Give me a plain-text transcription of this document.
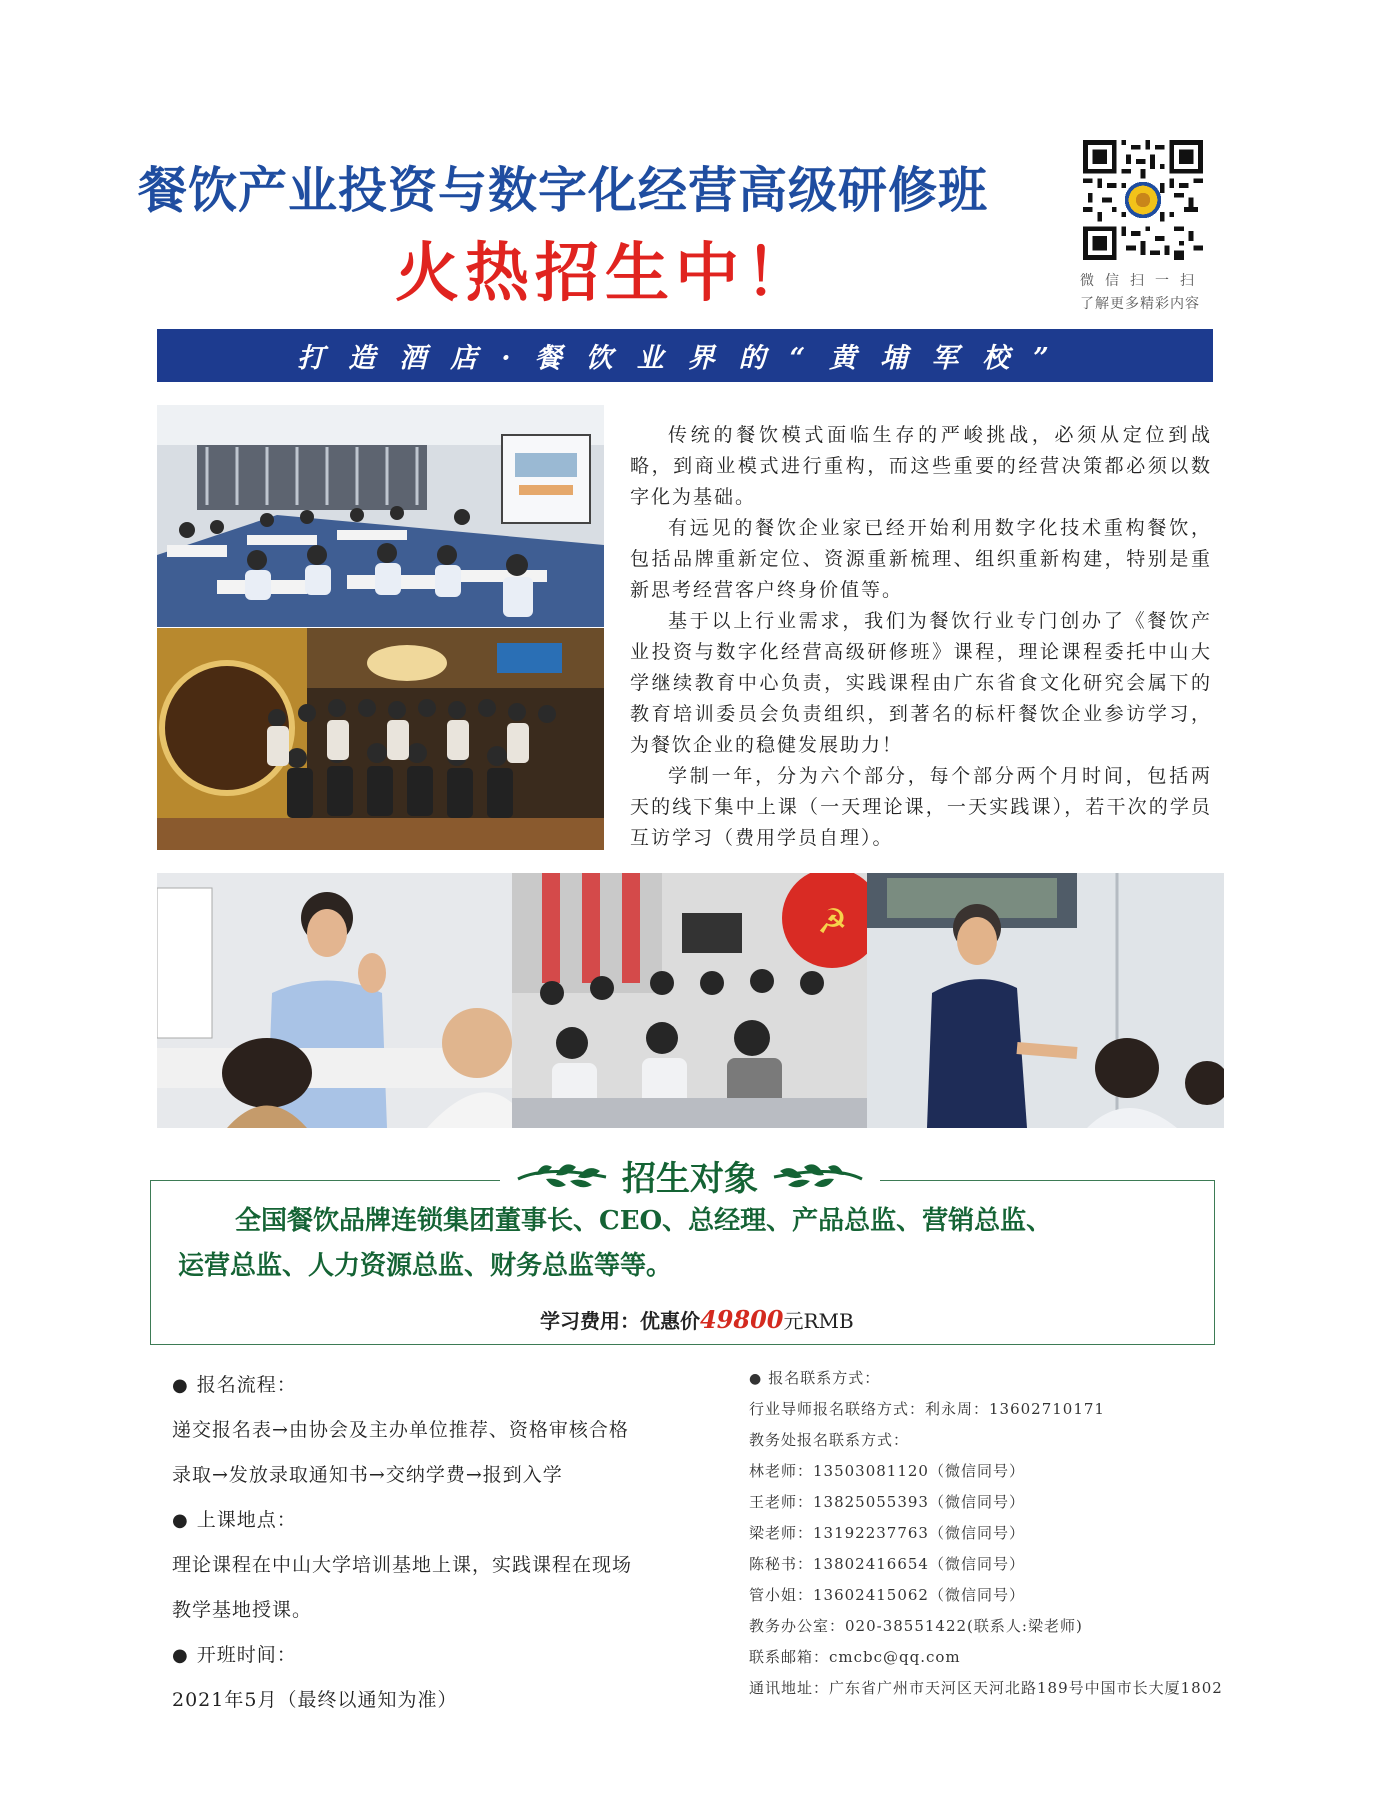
餐饮产业投资与数字化经营高级研修班
火热招生中！	微信扫一扫
了解更多精彩内容
打造酒店·餐饮业界的“黄埔军校”

传统的餐饮模式面临生存的严峻挑战，必须从定位到战略，到商业模式进行重构，而这些重要的经营决策都必须以数字化为基础。

有远见的餐饮企业家已经开始利用数字化技术重构餐饮，包括品牌重新定位、资源重新梳理、组织重新构建，特别是重新思考经营客户终身价值等。

基于以上行业需求，我们为餐饮行业专门创办了《餐饮产业投资与数字化经营高级研修班》课程，理论课程委托中山大学继续教育中心负责，实践课程由广东省食文化研究会属下的教育培训委员会负责组织，到著名的标杆餐饮企业参访学习，为餐饮企业的稳健发展助力！

学制一年，分为六个部分，每个部分两个月时间，包括两天的线下集中上课（一天理论课，一天实践课），若干次的学员互访学习（费用学员自理）。

☭
招生对象
全国餐饮品牌连锁集团董事长、CEO、总经理、产品总监、营销总监、
运营总监、人力资源总监、财务总监等等。
学习费用：优惠价49800元RMB
● 报名流程：
递交报名表→由协会及主办单位推荐、资格审核合格
录取→发放录取通知书→交纳学费→报到入学
● 上课地点：
理论课程在中山大学培训基地上课，实践课程在现场
教学基地授课。
● 开班时间：
2021年5月（最终以通知为准）
● 报名联系方式：
行业导师报名联络方式：利永周：13602710171
教务处报名联系方式：
林老师：13503081120（微信同号）
王老师：13825055393（微信同号）
梁老师：13192237763（微信同号）
陈秘书：13802416654（微信同号）
管小姐：13602415062（微信同号）
教务办公室：020-38551422(联系人:梁老师)
联系邮箱：cmcbc@qq.com
通讯地址：广东省广州市天河区天河北路189号中国市长大厦1802
